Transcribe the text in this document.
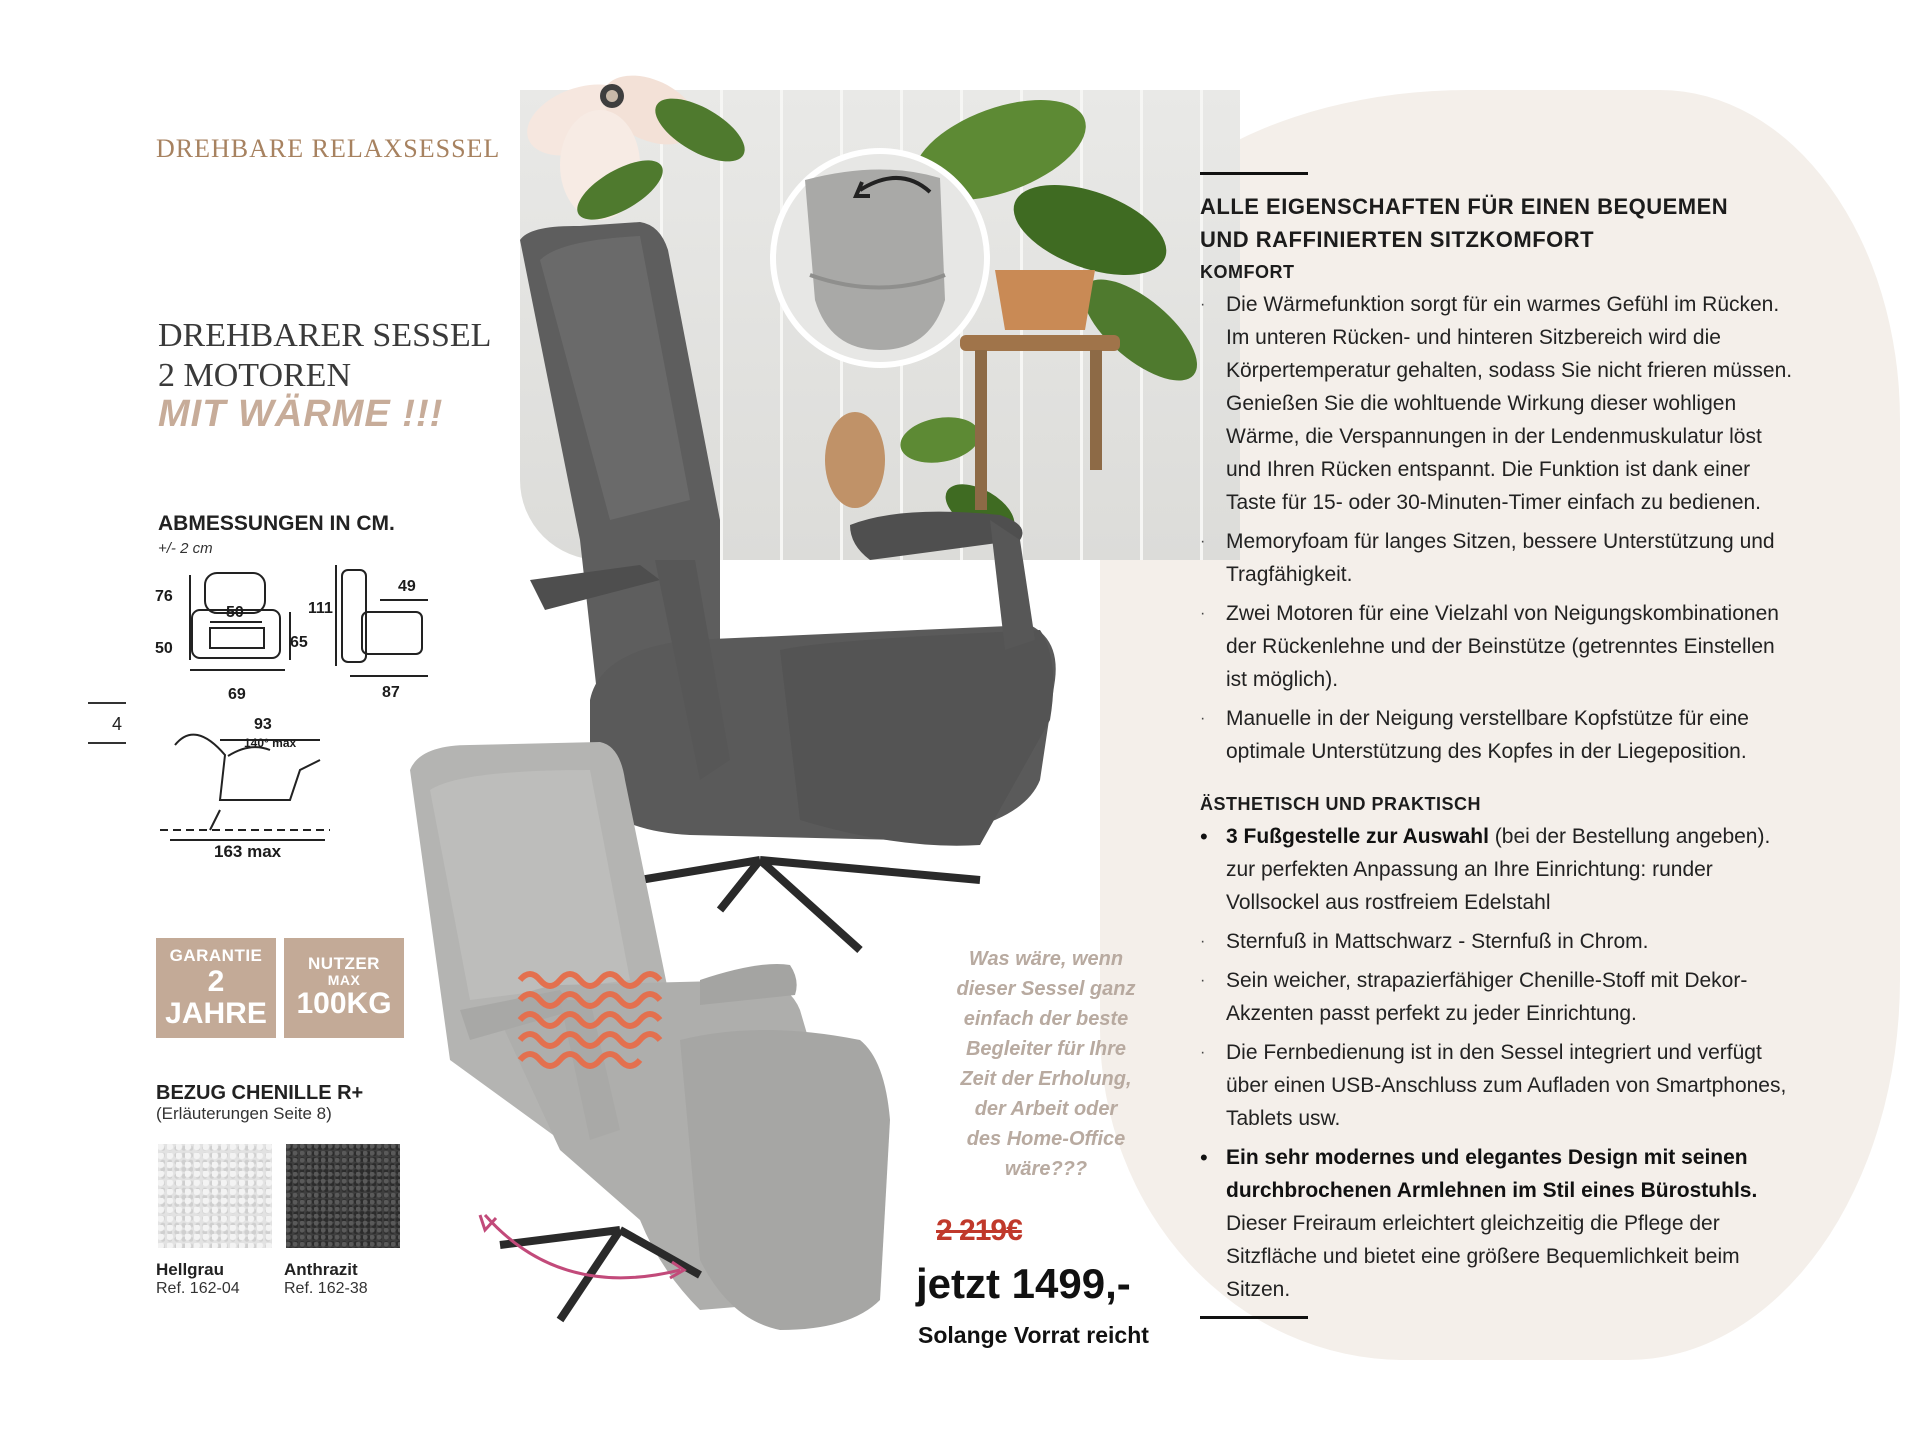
76
50
50	65
69
111
49
87
93
140° max
163 max
DREHBARE RELAXSESSEL
DREHBARER SESSEL
2 MOTOREN
MIT WÄRME !!!
ABMESSUNGEN IN CM.
+/- 2 cm
4
GARANTIE
2
JAHRE
NUTZER
MAX
100KG
BEZUG CHENILLE R+
(Erläuterungen Seite 8)
Hellgrau
Ref. 162-04
Anthrazit
Ref. 162-38
Was wäre, wenn
dieser Sessel ganz
einfach der beste
Begleiter für Ihre
Zeit der Erholung,
der Arbeit oder
des Home-Office
wäre???
2 219€
jetzt 1499,-
Solange Vorrat reicht
ALLE EIGENSCHAFTEN FÜR EINEN BEQUEMEN
UND RAFFINIERTEN SITZKOMFORT
KOMFORT
· Die Wärmefunktion sorgt für ein warmes Gefühl im Rücken. Im unteren Rücken- und hinteren Sitzbereich wird die Körpertemperatur gehalten, sodass Sie nicht frieren müssen. Genießen Sie die wohltuende Wirkung dieser wohligen Wärme, die Verspannungen in der Lendenmuskulatur löst und Ihren Rücken entspannt. Die Funktion ist dank einer Taste für 15- oder 30-Minuten-Timer einfach zu bedienen.
· Memoryfoam für langes Sitzen, bessere Unterstützung und Tragfähigkeit.
· Zwei Motoren für eine Vielzahl von Neigungskombinationen der Rückenlehne und der Beinstütze (getrenntes Einstellen ist möglich).
· Manuelle in der Neigung verstellbare Kopfstütze für eine optimale Unterstützung des Kopfes in der Liegeposition.
ÄSTHETISCH UND PRAKTISCH
• 3 Fußgestelle zur Auswahl (bei der Bestellung angeben). zur perfekten Anpassung an Ihre Einrichtung: runder Vollsockel aus rostfreiem Edelstahl
· Sternfuß in Mattschwarz - Sternfuß in Chrom.
· Sein weicher, strapazierfähiger Chenille-Stoff mit Dekor-Akzenten passt perfekt zu jeder Einrichtung.
· Die Fernbedienung ist in den Sessel integriert und verfügt über einen USB-Anschluss zum Aufladen von Smartphones, Tablets usw.
• Ein sehr modernes und elegantes Design mit seinen durchbrochenen Armlehnen im Stil eines Bürostuhls. Dieser Freiraum erleichtert gleichzeitig die Pflege der Sitzfläche und bietet eine größere Bequemlichkeit beim Sitzen.
